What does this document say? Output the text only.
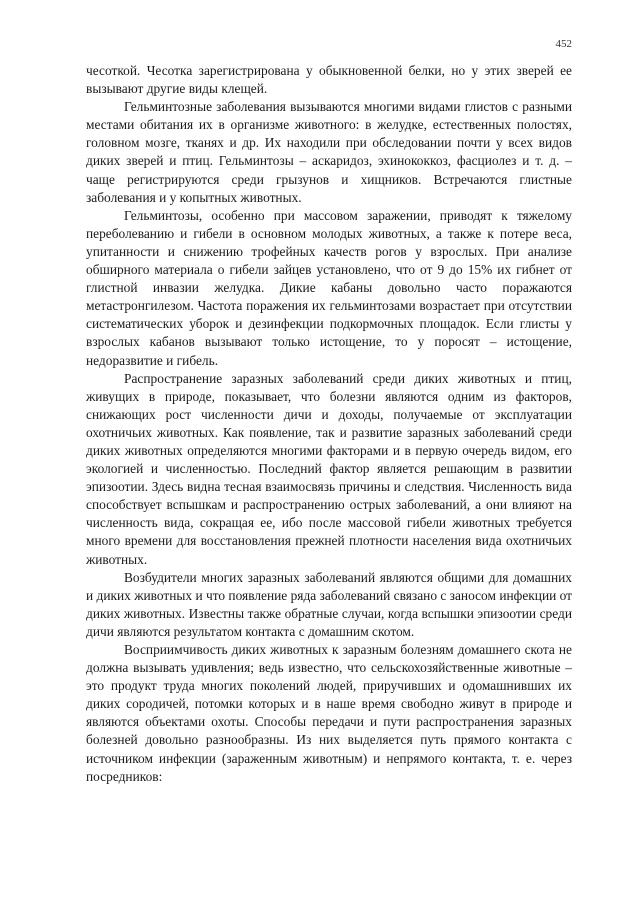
452

чесоткой. Чесотка зарегистрирована у обыкновенной белки, но у этих зверей ее вызывают другие виды клещей.

Гельминтозные заболевания вызываются многими видами глистов с разными местами обитания их в организме животного: в желудке, естественных полостях, головном мозге, тканях и др. Их находили при обследовании почти у всех видов диких зверей и птиц. Гельминтозы – аскаридоз, эхинококкоз, фасциолез и т. д. – чаще регистрируются среди грызунов и хищников. Встречаются глистные заболевания и у копытных животных.

Гельминтозы, особенно при массовом заражении, приводят к тяжелому переболеванию и гибели в основном молодых животных, а также к потере веса, упитанности и снижению трофейных качеств рогов у взрослых. При анализе обширного материала о гибели зайцев установлено, что от 9 до 15% их гибнет от глистной инвазии желудка. Дикие кабаны довольно часто поражаются метастронгилезом. Частота поражения их гельминтозами возрастает при отсутствии систематических уборок и дезинфекции подкормочных площадок. Если глисты у взрослых кабанов вызывают только истощение, то у поросят – истощение, недоразвитие и гибель.

Распространение заразных заболеваний среди диких животных и птиц, живущих в природе, показывает, что болезни являются одним из факторов, снижающих рост численности дичи и доходы, получаемые от эксплуатации охотничьих животных. Как появление, так и развитие заразных заболеваний среди диких животных определяются многими факторами и в первую очередь видом, его экологией и численностью. Последний фактор является решающим в развитии эпизоотии. Здесь видна тесная взаимосвязь причины и следствия. Численность вида способствует вспышкам и распространению острых заболеваний, а они влияют на численность вида, сокращая ее, ибо после массовой гибели животных требуется много времени для восстановления прежней плотности населения вида охотничьих животных.

Возбудители многих заразных заболеваний являются общими для домашних и диких животных и что появление ряда заболеваний связано с заносом инфекции от диких животных. Известны также обратные случаи, когда вспышки эпизоотии среди дичи являются результатом контакта с домашним скотом.

Восприимчивость диких животных к заразным болезням домашнего скота не должна вызывать удивления; ведь известно, что сельскохозяйственные животные – это продукт труда многих поколений людей, приручивших и одомашнивших их диких сородичей, потомки которых и в наше время свободно живут в природе и являются объектами охоты. Способы передачи и пути распространения заразных болезней довольно разнообразны. Из них выделяется путь прямого контакта с источником инфекции (зараженным животным) и непрямого контакта, т. е. через посредников:
